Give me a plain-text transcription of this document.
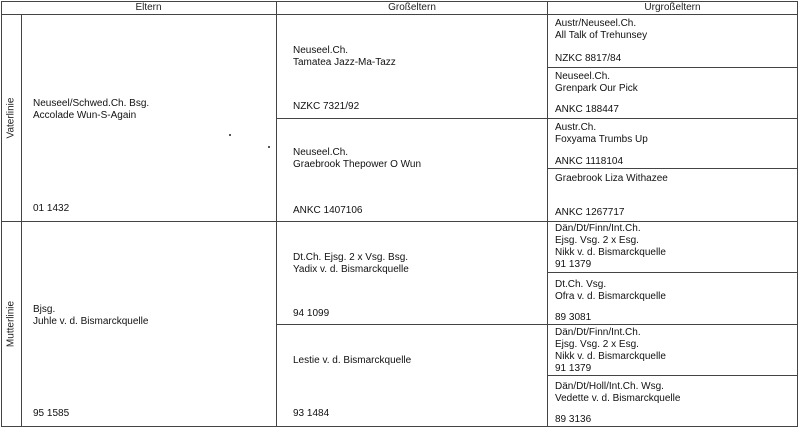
Eltern	Großeltern	Urgroßeltern
Vaterlinie
Mutterlinie
Neuseel/Schwed.Ch. Bsg.
Accolade Wun-S-Again
01 1432
Neuseel.Ch.
Tamatea Jazz-Ma-Tazz
NZKC 7321/92
Neuseel.Ch.
Graebrook Thepower O Wun
ANKC 1407106
Austr/Neuseel.Ch.
All Talk of Trehunsey
NZKC 8817/84
Neuseel.Ch.
Grenpark Our Pick
ANKC 188447
Austr.Ch.
Foxyama Trumbs Up
ANKC 1118104
Graebrook Liza Withazee
ANKC 1267717
Bjsg.
Juhle v. d. Bismarckquelle
95 1585
Dt.Ch. Ejsg. 2 x Vsg. Bsg.
Yadix v. d. Bismarckquelle
94 1099
Lestie v. d. Bismarckquelle
93 1484
Dän/Dt/Finn/Int.Ch.
Ejsg. Vsg. 2 x Esg.
Nikk v. d. Bismarckquelle
91 1379
Dt.Ch. Vsg.
Ofra v. d. Bismarckquelle
89 3081
Dän/Dt/Finn/Int.Ch.
Ejsg. Vsg. 2 x Esg.
Nikk v. d. Bismarckquelle
91 1379
Dän/Dt/Holl/Int.Ch. Wsg.
Vedette v. d. Bismarckquelle
89 3136
